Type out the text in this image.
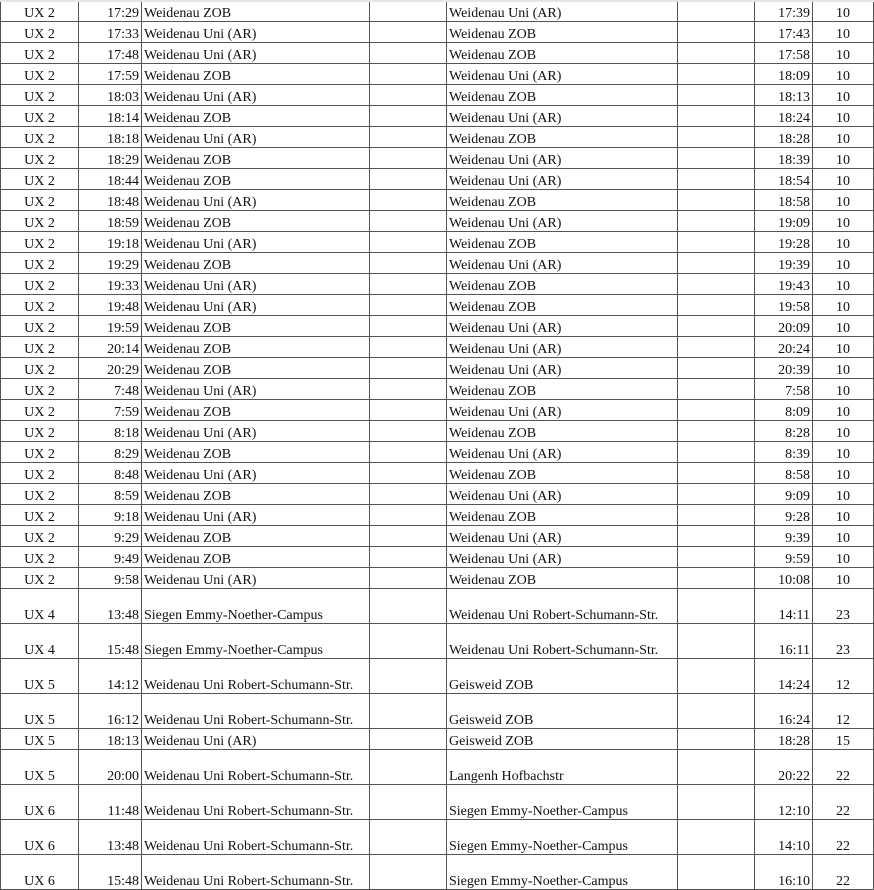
UX 2	17:29	Weidenau ZOB		Weidenau Uni (AR)		17:39	10
UX 2	17:33	Weidenau Uni (AR)		Weidenau ZOB		17:43	10
UX 2	17:48	Weidenau Uni (AR)		Weidenau ZOB		17:58	10
UX 2	17:59	Weidenau ZOB		Weidenau Uni (AR)		18:09	10
UX 2	18:03	Weidenau Uni (AR)		Weidenau ZOB		18:13	10
UX 2	18:14	Weidenau ZOB		Weidenau Uni (AR)		18:24	10
UX 2	18:18	Weidenau Uni (AR)		Weidenau ZOB		18:28	10
UX 2	18:29	Weidenau ZOB		Weidenau Uni (AR)		18:39	10
UX 2	18:44	Weidenau ZOB		Weidenau Uni (AR)		18:54	10
UX 2	18:48	Weidenau Uni (AR)		Weidenau ZOB		18:58	10
UX 2	18:59	Weidenau ZOB		Weidenau Uni (AR)		19:09	10
UX 2	19:18	Weidenau Uni (AR)		Weidenau ZOB		19:28	10
UX 2	19:29	Weidenau ZOB		Weidenau Uni (AR)		19:39	10
UX 2	19:33	Weidenau Uni (AR)		Weidenau ZOB		19:43	10
UX 2	19:48	Weidenau Uni (AR)		Weidenau ZOB		19:58	10
UX 2	19:59	Weidenau ZOB		Weidenau Uni (AR)		20:09	10
UX 2	20:14	Weidenau ZOB		Weidenau Uni (AR)		20:24	10
UX 2	20:29	Weidenau ZOB		Weidenau Uni (AR)		20:39	10
UX 2	7:48	Weidenau Uni (AR)		Weidenau ZOB		7:58	10
UX 2	7:59	Weidenau ZOB		Weidenau Uni (AR)		8:09	10
UX 2	8:18	Weidenau Uni (AR)		Weidenau ZOB		8:28	10
UX 2	8:29	Weidenau ZOB		Weidenau Uni (AR)		8:39	10
UX 2	8:48	Weidenau Uni (AR)		Weidenau ZOB		8:58	10
UX 2	8:59	Weidenau ZOB		Weidenau Uni (AR)		9:09	10
UX 2	9:18	Weidenau Uni (AR)		Weidenau ZOB		9:28	10
UX 2	9:29	Weidenau ZOB		Weidenau Uni (AR)		9:39	10
UX 2	9:49	Weidenau ZOB		Weidenau Uni (AR)		9:59	10
UX 2	9:58	Weidenau Uni (AR)		Weidenau ZOB		10:08	10
UX 4	13:48	Siegen Emmy-Noether-Campus		Weidenau Uni Robert-Schumann-Str.		14:11	23
UX 4	15:48	Siegen Emmy-Noether-Campus		Weidenau Uni Robert-Schumann-Str.		16:11	23
UX 5	14:12	Weidenau Uni Robert-Schumann-Str.		Geisweid ZOB		14:24	12
UX 5	16:12	Weidenau Uni Robert-Schumann-Str.		Geisweid ZOB		16:24	12
UX 5	18:13	Weidenau Uni (AR)		Geisweid ZOB		18:28	15
UX 5	20:00	Weidenau Uni Robert-Schumann-Str.		Langenh Hofbachstr		20:22	22
UX 6	11:48	Weidenau Uni Robert-Schumann-Str.		Siegen Emmy-Noether-Campus		12:10	22
UX 6	13:48	Weidenau Uni Robert-Schumann-Str.		Siegen Emmy-Noether-Campus		14:10	22
UX 6	15:48	Weidenau Uni Robert-Schumann-Str.		Siegen Emmy-Noether-Campus		16:10	22
